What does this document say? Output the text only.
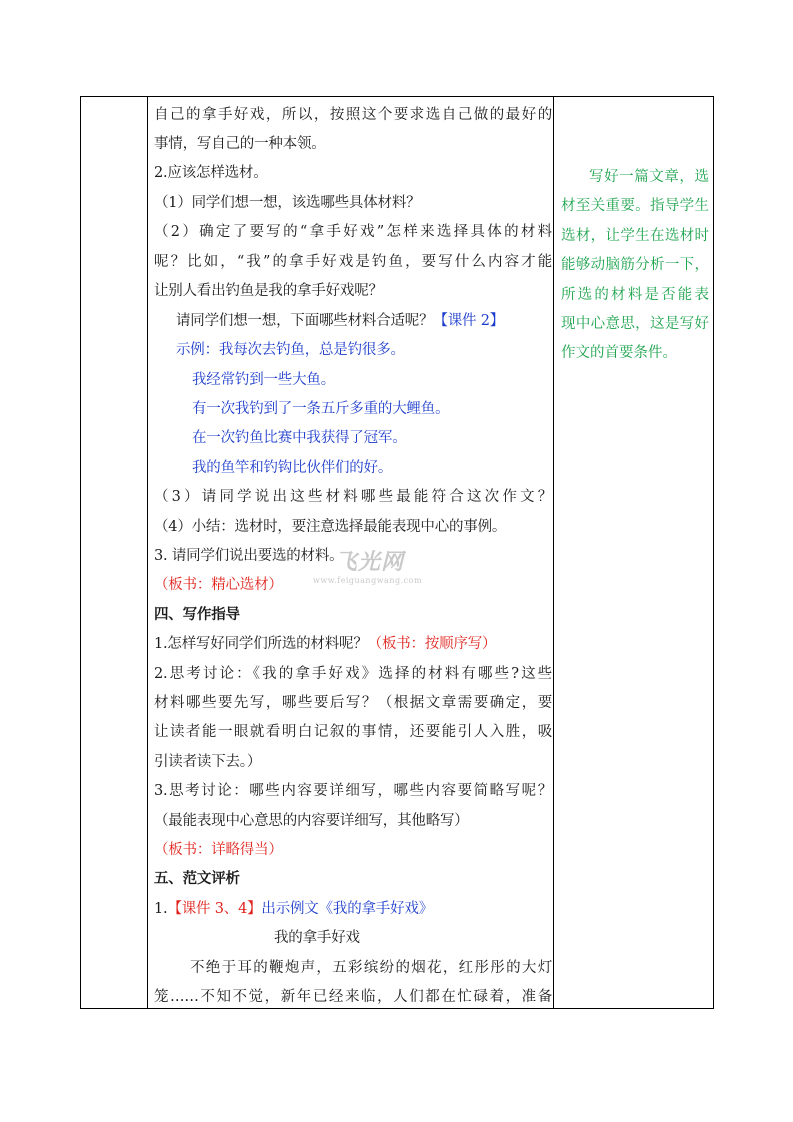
自己的拿手好戏，所以，按照这个要求选自己做的最好的
事情，写自己的一种本领。
2.应该怎样选材。
（1）同学们想一想，该选哪些具体材料？
（2）确定了要写的“拿手好戏”怎样来选择具体的材料
呢？比如，“我”的拿手好戏是钓鱼，要写什么内容才能
让别人看出钓鱼是我的拿手好戏呢？
请同学们想一想，下面哪些材料合适呢？【课件 2】
示例：我每次去钓鱼，总是钓很多。
我经常钓到一些大鱼。
有一次我钓到了一条五斤多重的大鲤鱼。
在一次钓鱼比赛中我获得了冠军。
我的鱼竿和钓钩比伙伴们的好。
（3）请同学说出这些材料哪些最能符合这次作文？
（4）小结：选材时，要注意选择最能表现中心的事例。
3. 请同学们说出要选的材料。
（板书：精心选材）
四、写作指导
1.怎样写好同学们所选的材料呢？（板书：按顺序写）
2.思考讨论：《我的拿手好戏》选择的材料有哪些?这些
材料哪些要先写，哪些要后写？（根据文章需要确定，要
让读者能一眼就看明白记叙的事情，还要能引人入胜，吸
引读者读下去。）
3.思考讨论：哪些内容要详细写，哪些内容要简略写呢？
（最能表现中心意思的内容要详细写，其他略写）
（板书：详略得当）
五、范文评析
1.【课件 3、4】出示例文《我的拿手好戏》
我的拿手好戏
不绝于耳的鞭炮声，五彩缤纷的烟花，红彤彤的大灯
笼……不知不觉，新年已经来临，人们都在忙碌着，准备
写好一篇文章，选
材至关重要。指导学生
选材，让学生在选材时
能够动脑筋分析一下，
所选的材料是否能表
现中心意思，这是写好
作文的首要条件。
飞光网
www.feiguangwang.com
